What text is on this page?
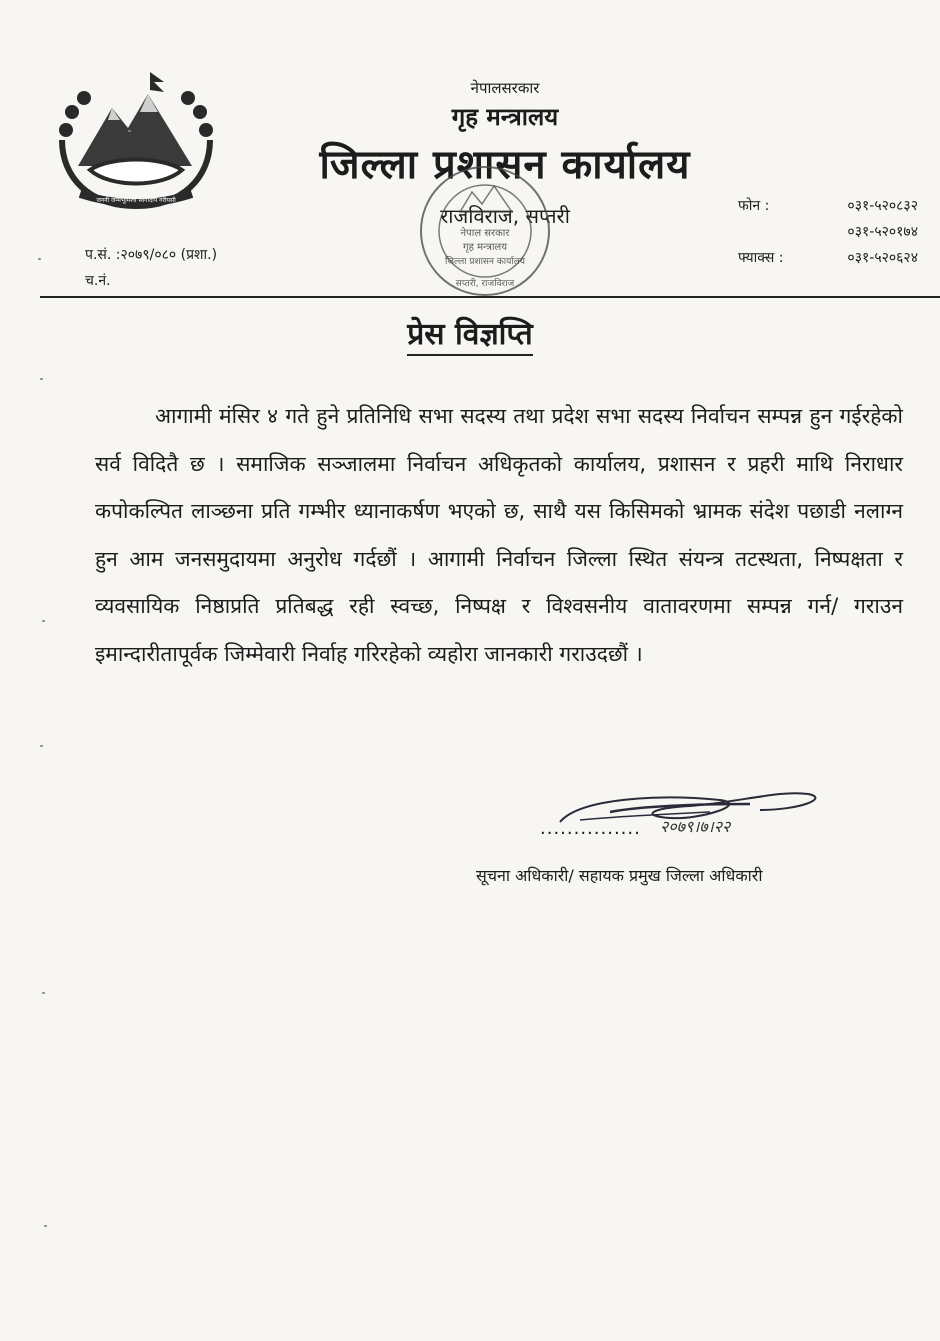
जननी जन्मभूमिश्च स्वर्गादपि गरीयसी
नेपालसरकार
गृह मन्त्रालय
जिल्ला प्रशासन कार्यालय
राजविराज, सप्तरी	फोन :	०३१-५२०८३२
०३१-५२०१७४
फ्याक्स :	०३१-५२०६२४
प.सं. :२०७९/०८० (प्रशा.)
च.नं.
नेपाल सरकार
गृह मन्त्रालय
जिल्ला प्रशासन कार्यालय
सप्तरी, राजविराज
प्रेस विज्ञप्ति
आगामी मंसिर ४ गते हुने प्रतिनिधि सभा सदस्य तथा प्रदेश सभा सदस्य निर्वाचन सम्पन्न हुन गईरहेको सर्व विदितै छ । समाजिक सञ्जालमा निर्वाचन अधिकृतको कार्यालय, प्रशासन र प्रहरी माथि निराधार कपोकल्पित लाञ्छना प्रति गम्भीर ध्यानाकर्षण भएको छ, साथै यस किसिमको भ्रामक संदेश पछाडी नलाग्न हुन आम जनसमुदायमा अनुरोध गर्दछौं । आगामी निर्वाचन जिल्ला स्थित संयन्त्र तटस्थता, निष्पक्षता र व्यवसायिक निष्ठाप्रति प्रतिबद्ध रही स्वच्छ, निष्पक्ष र विश्वसनीय वातावरणमा सम्पन्न गर्न/ गराउन इमान्दारीतापूर्वक जिम्मेवारी निर्वाह गरिरहेको व्यहोरा जानकारी गराउदछौं ।
............... २०७९।७।२२
सूचना अधिकारी/ सहायक प्रमुख जिल्ला अधिकारी
